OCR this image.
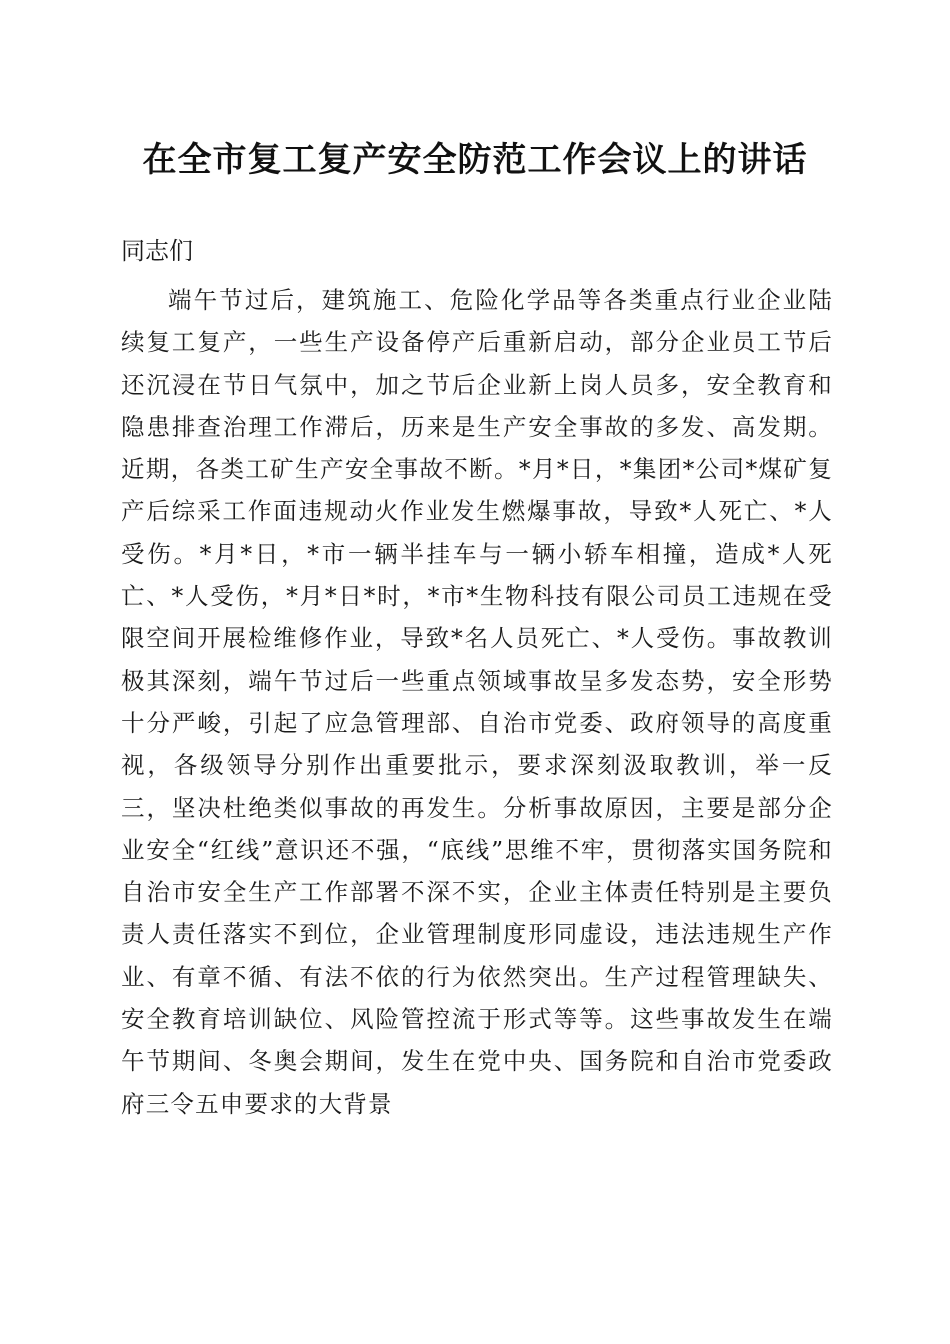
在全市复工复产安全防范工作会议上的讲话

同志们

端午节过后，建筑施工、危险化学品等各类重点行业企业陆续复工复产，一些生产设备停产后重新启动，部分企业员工节后还沉浸在节日气氛中，加之节后企业新上岗人员多，安全教育和隐患排查治理工作滞后，历来是生产安全事故的多发、高发期。近期，各类工矿生产安全事故不断。*月*日，*集团*公司*煤矿复产后综采工作面违规动火作业发生燃爆事故，导致*人死亡、*人受伤。*月*日，*市一辆半挂车与一辆小轿车相撞，造成*人死亡、*人受伤，*月*日*时，*市*生物科技有限公司员工违规在受限空间开展检维修作业，导致*名人员死亡、*人受伤。事故教训极其深刻，端午节过后一些重点领域事故呈多发态势，安全形势十分严峻，引起了应急管理部、自治市党委、政府领导的高度重视，各级领导分别作出重要批示，要求深刻汲取教训，举一反三，坚决杜绝类似事故的再发生。分析事故原因，主要是部分企业安全“红线”意识还不强，“底线”思维不牢，贯彻落实国务院和自治市安全生产工作部署不深不实，企业主体责任特别是主要负责人责任落实不到位，企业管理制度形同虚设，违法违规生产作业、有章不循、有法不依的行为依然突出。生产过程管理缺失、安全教育培训缺位、风险管控流于形式等等。这些事故发生在端午节期间、冬奥会期间，发生在党中央、国务院和自治市党委政府三令五申要求的大背景
